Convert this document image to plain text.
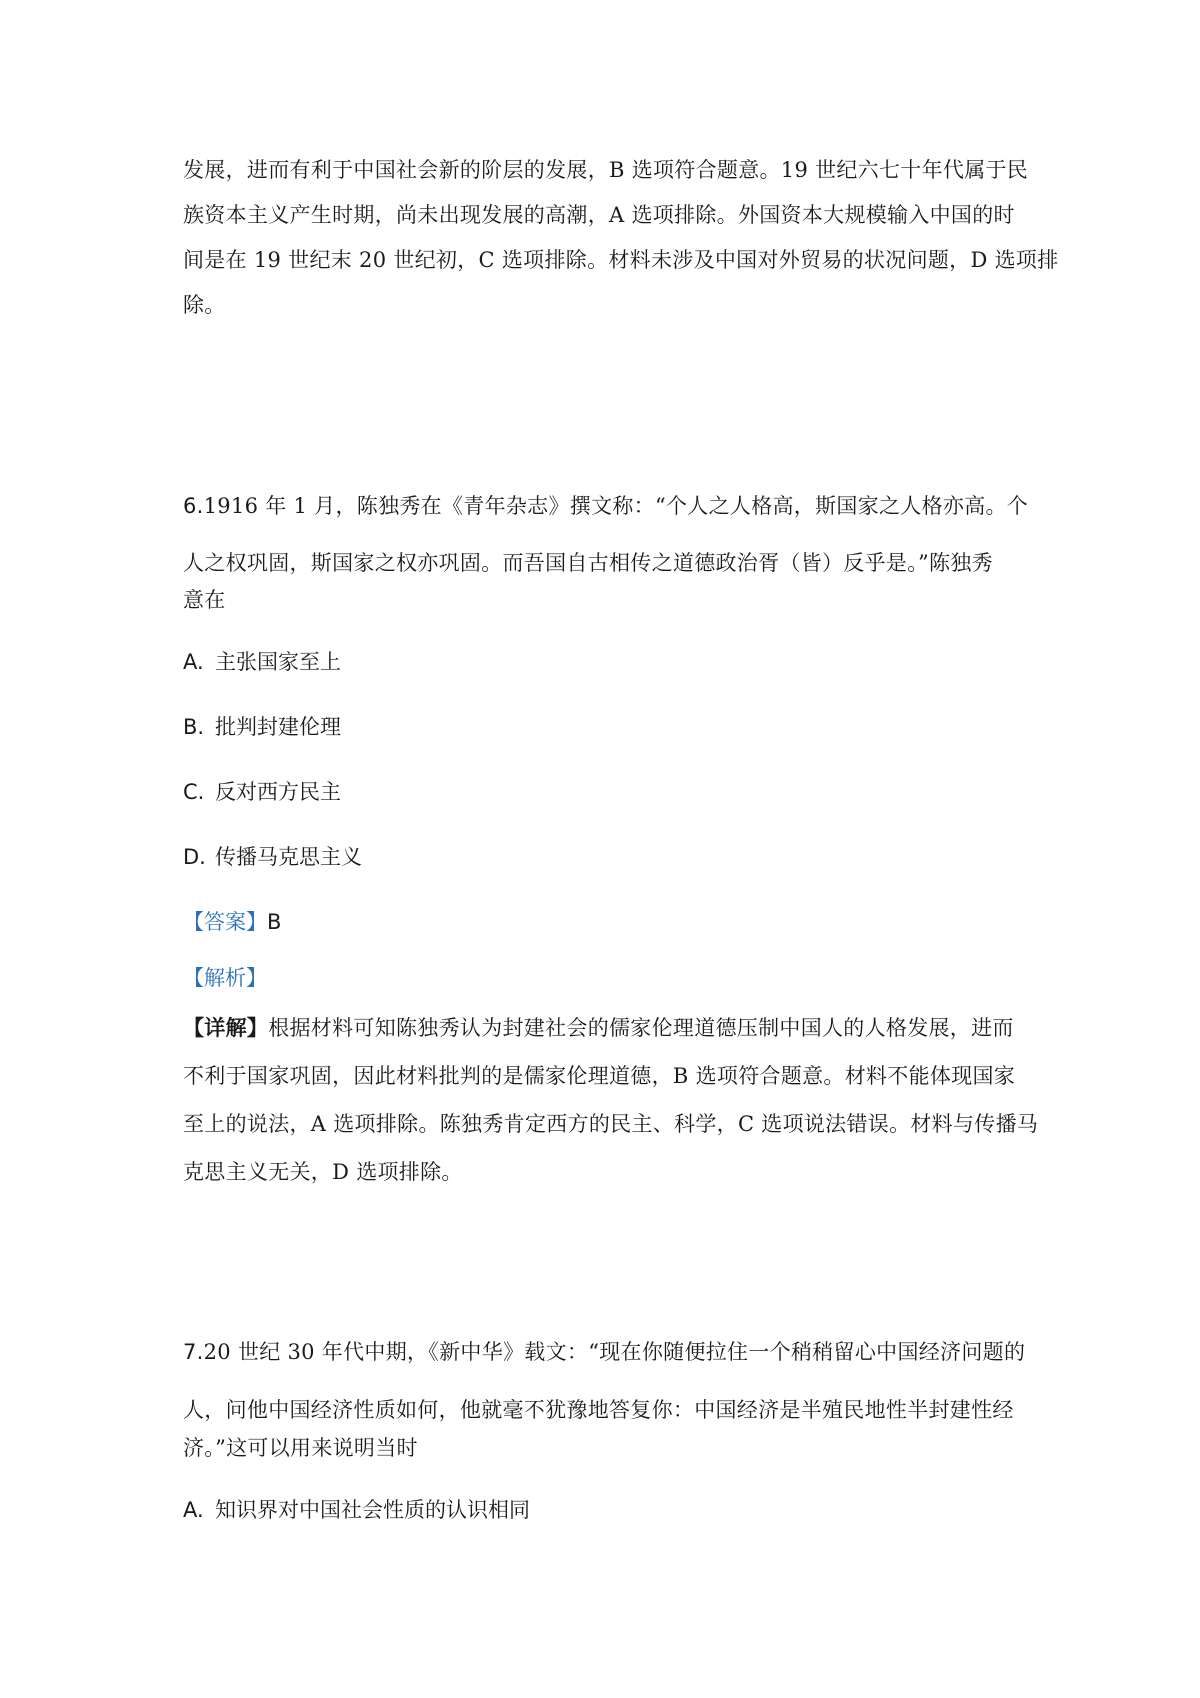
发展，进而有利于中国社会新的阶层的发展，B 选项符合题意。19 世纪六七十年代属于民
族资本主义产生时期，尚未出现发展的高潮，A 选项排除。外国资本大规模输入中国的时
间是在 19 世纪末 20 世纪初，C 选项排除。材料未涉及中国对外贸易的状况问题，D 选项排
除。
6.1916 年 1 月，陈独秀在《青年杂志》撰文称：“个人之人格高，斯国家之人格亦高。个
人之权巩固，斯国家之权亦巩固。而吾国自古相传之道德政治胥（皆）反乎是。”陈独秀
意在
A. 主张国家至上
B. 批判封建伦理
C. 反对西方民主
D. 传播马克思主义
【答案】B
【解析】
【详解】根据材料可知陈独秀认为封建社会的儒家伦理道德压制中国人的人格发展，进而
不利于国家巩固，因此材料批判的是儒家伦理道德，B 选项符合题意。材料不能体现国家
至上的说法，A 选项排除。陈独秀肯定西方的民主、科学，C 选项说法错误。材料与传播马
克思主义无关，D 选项排除。
7.20 世纪 30 年代中期，《新中华》载文：“现在你随便拉住一个稍稍留心中国经济问题的
人，问他中国经济性质如何，他就毫不犹豫地答复你：中国经济是半殖民地性半封建性经
济。”这可以用来说明当时
A. 知识界对中国社会性质的认识相同
